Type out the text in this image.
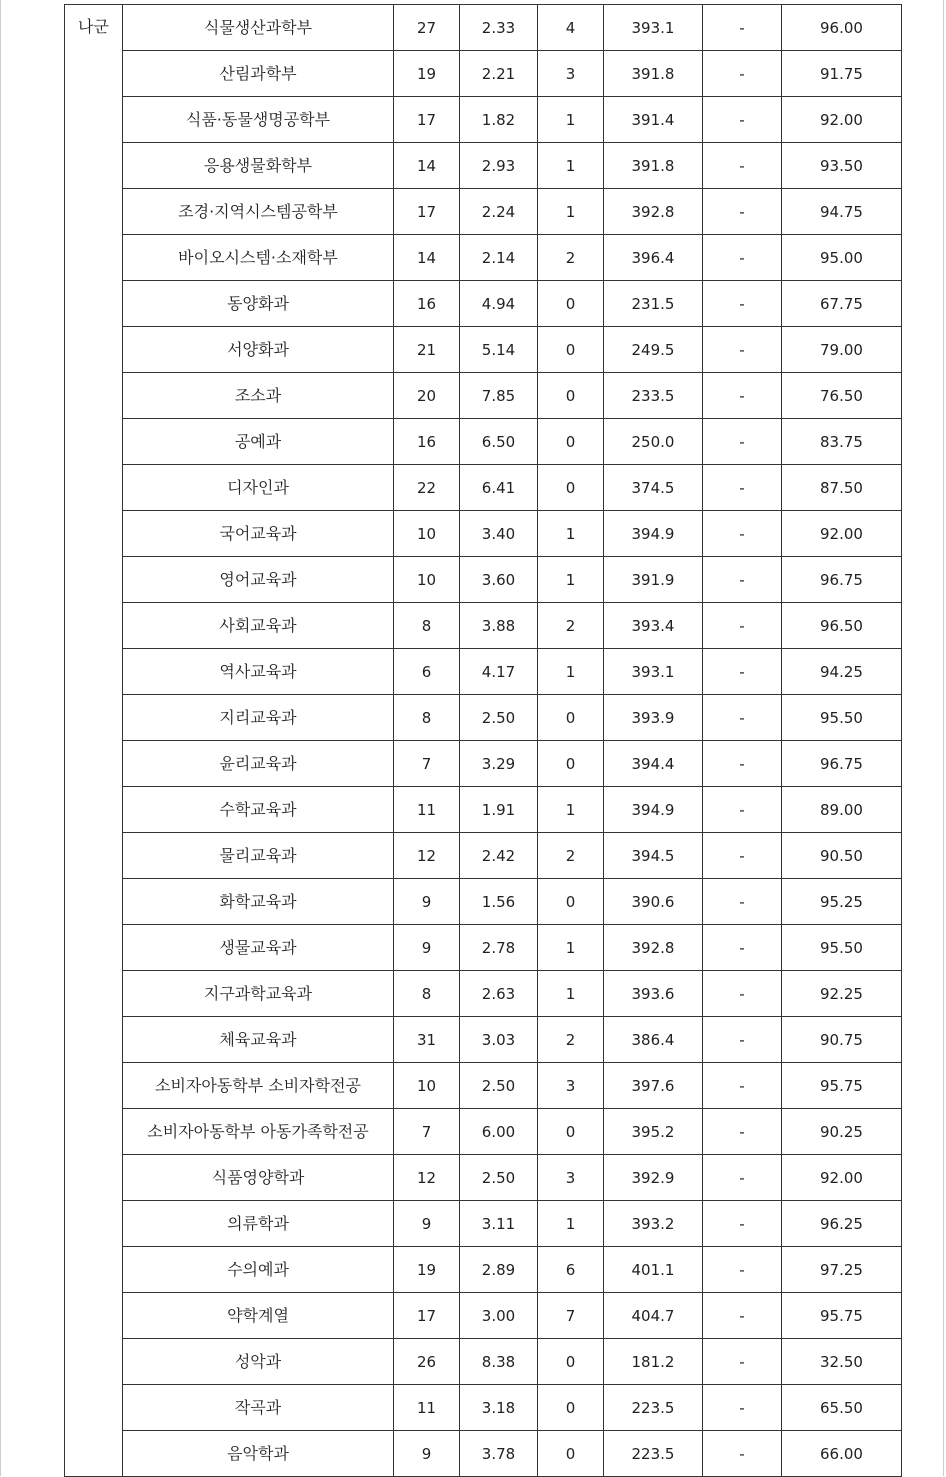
나군	식물생산과학부	27	2.33	4	393.1	-	96.00
	산림과학부	19	2.21	3	391.8	-	91.75
	식품·동물생명공학부	17	1.82	1	391.4	-	92.00
	응용생물화학부	14	2.93	1	391.8	-	93.50
	조경·지역시스템공학부	17	2.24	1	392.8	-	94.75
	바이오시스템·소재학부	14	2.14	2	396.4	-	95.00
	동양화과	16	4.94	0	231.5	-	67.75
	서양화과	21	5.14	0	249.5	-	79.00
	조소과	20	7.85	0	233.5	-	76.50
	공예과	16	6.50	0	250.0	-	83.75
	디자인과	22	6.41	0	374.5	-	87.50
	국어교육과	10	3.40	1	394.9	-	92.00
	영어교육과	10	3.60	1	391.9	-	96.75
	사회교육과	8	3.88	2	393.4	-	96.50
	역사교육과	6	4.17	1	393.1	-	94.25
	지리교육과	8	2.50	0	393.9	-	95.50
	윤리교육과	7	3.29	0	394.4	-	96.75
	수학교육과	11	1.91	1	394.9	-	89.00
	물리교육과	12	2.42	2	394.5	-	90.50
	화학교육과	9	1.56	0	390.6	-	95.25
	생물교육과	9	2.78	1	392.8	-	95.50
	지구과학교육과	8	2.63	1	393.6	-	92.25
	체육교육과	31	3.03	2	386.4	-	90.75
	소비자아동학부 소비자학전공	10	2.50	3	397.6	-	95.75
	소비자아동학부 아동가족학전공	7	6.00	0	395.2	-	90.25
	식품영양학과	12	2.50	3	392.9	-	92.00
	의류학과	9	3.11	1	393.2	-	96.25
	수의예과	19	2.89	6	401.1	-	97.25
	약학계열	17	3.00	7	404.7	-	95.75
	성악과	26	8.38	0	181.2	-	32.50
	작곡과	11	3.18	0	223.5	-	65.50
	음악학과	9	3.78	0	223.5	-	66.00
